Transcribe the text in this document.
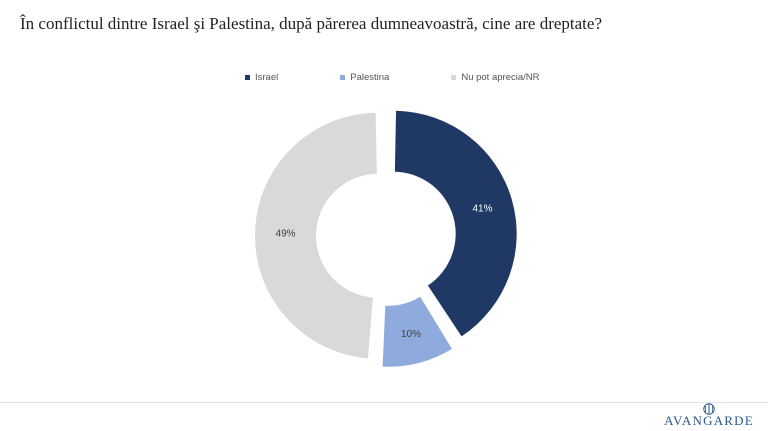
În conflictul dintre Israel şi Palestina, după părerea dumneavoastră, cine are dreptate?
Israel	Palestina	Nu pot aprecia/NR
41%
10%
49%
AVANGARDE
